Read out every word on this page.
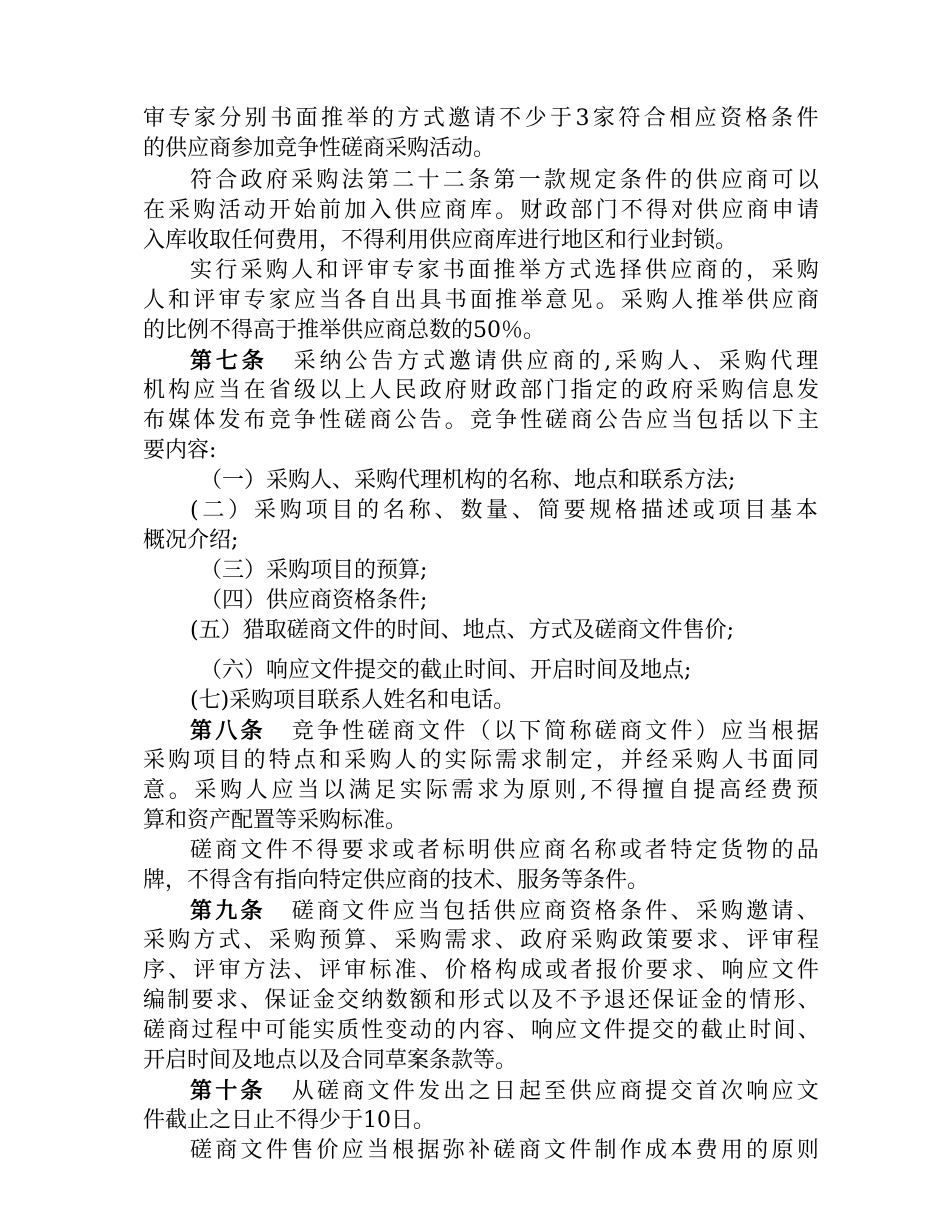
审专家分别书面推举的方式邀请不少于3家符合相应资格条件
的供应商参加竞争性磋商采购活动。
符合政府采购法第二十二条第一款规定条件的供应商可以
在采购活动开始前加入供应商库。财政部门不得对供应商申请
入库收取任何费用，不得利用供应商库进行地区和行业封锁。
实行采购人和评审专家书面推举方式选择供应商的，采购
人和评审专家应当各自出具书面推举意见。采购人推举供应商
的比例不得高于推举供应商总数的50％。
第七条 采纳公告方式邀请供应商的,采购人、采购代理
机构应当在省级以上人民政府财政部门指定的政府采购信息发
布媒体发布竞争性磋商公告。竞争性磋商公告应当包括以下主
要内容:
（一）采购人、采购代理机构的名称、地点和联系方法;
(二）采购项目的名称、数量、简要规格描述或项目基本
概况介绍;
（三）采购项目的预算;
（四）供应商资格条件;
(五）猎取磋商文件的时间、地点、方式及磋商文件售价;
（六）响应文件提交的截止时间、开启时间及地点;
(七)采购项目联系人姓名和电话。
第八条 竞争性磋商文件（以下简称磋商文件）应当根据
采购项目的特点和采购人的实际需求制定，并经采购人书面同
意。采购人应当以满足实际需求为原则,不得擅自提高经费预
算和资产配置等采购标准。
磋商文件不得要求或者标明供应商名称或者特定货物的品
牌，不得含有指向特定供应商的技术、服务等条件。
第九条 磋商文件应当包括供应商资格条件、采购邀请、
采购方式、采购预算、采购需求、政府采购政策要求、评审程
序、评审方法、评审标准、价格构成或者报价要求、响应文件
编制要求、保证金交纳数额和形式以及不予退还保证金的情形、
磋商过程中可能实质性变动的内容、响应文件提交的截止时间、
开启时间及地点以及合同草案条款等。
第十条 从磋商文件发出之日起至供应商提交首次响应文
件截止之日止不得少于10日。
磋商文件售价应当根据弥补磋商文件制作成本费用的原则
